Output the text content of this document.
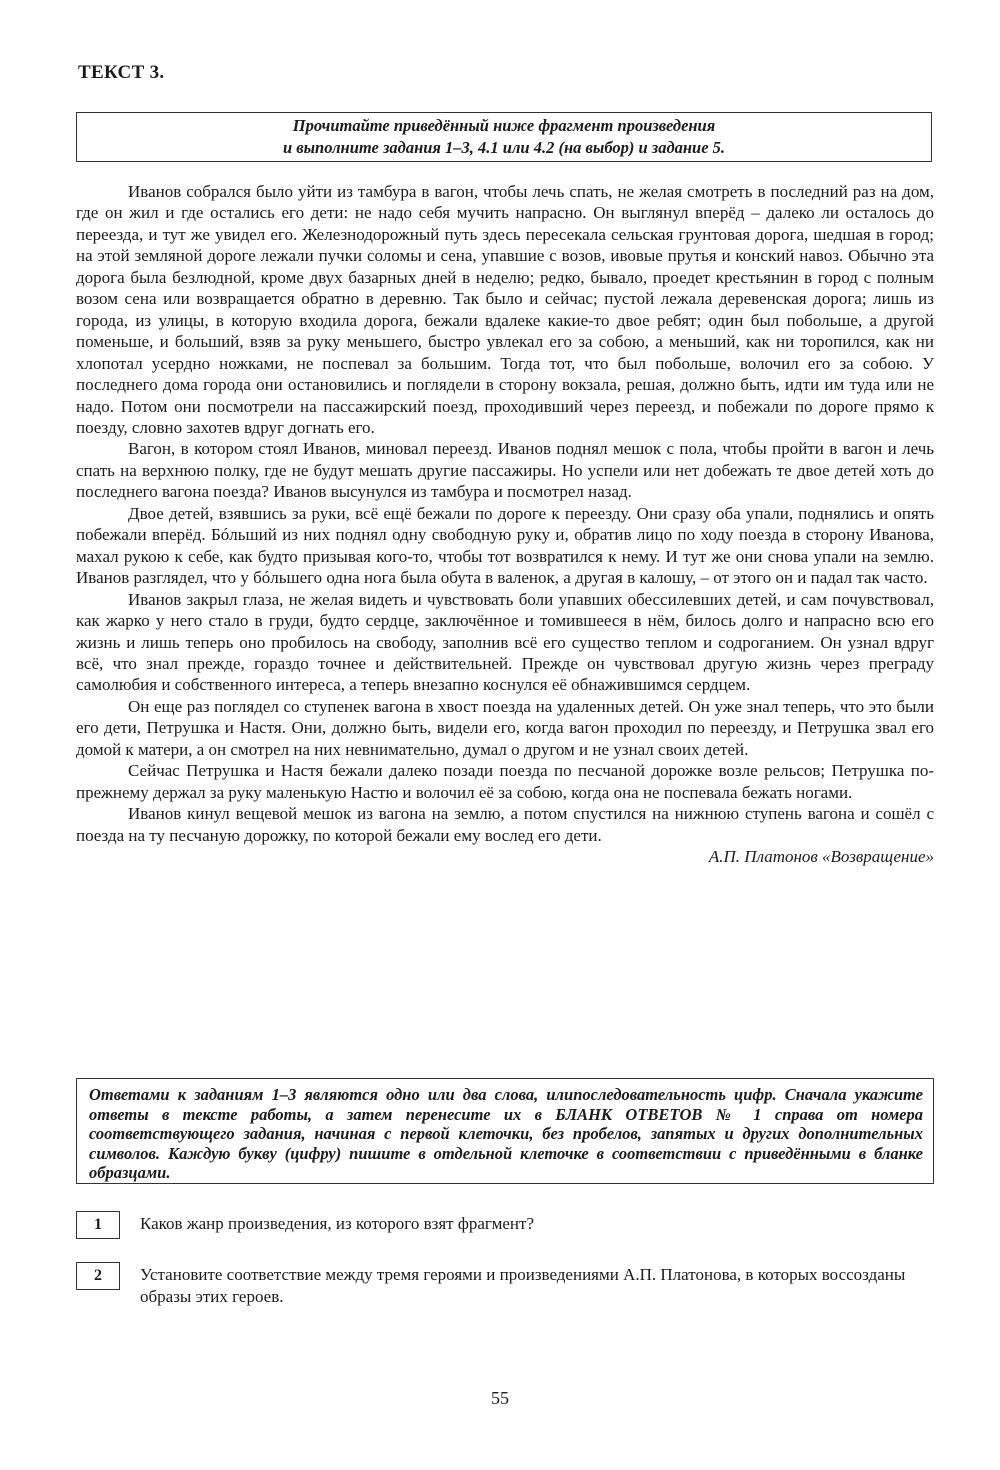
ТЕКСТ 3.
Прочитайте приведённый ниже фрагмент произведения
и выполните задания 1–3, 4.1 или 4.2 (на выбор) и задание 5.

Иванов собрался было уйти из тамбура в вагон, чтобы лечь спать, не желая смотреть в последний раз на дом, где он жил и где остались его дети: не надо себя мучить напрасно. Он выглянул вперёд – далеко ли осталось до переезда, и тут же увидел его. Железнодорожный путь здесь пересекала сельская грунтовая дорога, шедшая в город; на этой земляной дороге лежали пучки соломы и сена, упавшие с возов, ивовые прутья и конский навоз. Обычно эта дорога была безлюдной, кроме двух базарных дней в неделю; редко, бывало, проедет крестьянин в город с полным возом сена или возвращается обратно в деревню. Так было и сейчас; пустой лежала деревенская дорога; лишь из города, из улицы, в которую входила дорога, бежали вдалеке какие-то двое ребят; один был побольше, а другой поменьше, и больший, взяв за руку меньшего, быстро увлекал его за собою, а меньший, как ни торопился, как ни хлопотал усердно ножками, не поспевал за большим. Тогда тот, что был побольше, волочил его за собою. У последнего дома города они остановились и поглядели в сторону вокзала, решая, должно быть, идти им туда или не надо. Потом они посмотрели на пассажирский поезд, проходивший через переезд, и побежали по дороге прямо к поезду, словно захотев вдруг догнать его.

Вагон, в котором стоял Иванов, миновал переезд. Иванов поднял мешок с пола, чтобы пройти в вагон и лечь спать на верхнюю полку, где не будут мешать другие пассажиры. Но успели или нет добежать те двое детей хоть до последнего вагона поезда? Иванов высунулся из тамбура и посмотрел назад.

Двое детей, взявшись за руки, всё ещё бежали по дороге к переезду. Они сразу оба упали, поднялись и опять побежали вперёд. Бóльший из них поднял одну свободную руку и, обратив лицо по ходу поезда в сторону Иванова, махал рукою к себе, как будто призывая кого-то, чтобы тот возвратился к нему. И тут же они снова упали на землю. Иванов разглядел, что у бóльшего одна нога была обута в валенок, а другая в калошу, – от этого он и падал так часто.

Иванов закрыл глаза, не желая видеть и чувствовать боли упавших обессилевших детей, и сам почувствовал, как жарко у него стало в груди, будто сердце, заключённое и томившееся в нём, билось долго и напрасно всю его жизнь и лишь теперь оно пробилось на свободу, заполнив всё его существо теплом и содроганием. Он узнал вдруг всё, что знал прежде, гораздо точнее и действительней. Прежде он чувствовал другую жизнь через преграду самолюбия и собственного интереса, а теперь внезапно коснулся её обнажившимся сердцем.

Он еще раз поглядел со ступенек вагона в хвост поезда на удаленных детей. Он уже знал теперь, что это были его дети, Петрушка и Настя. Они, должно быть, видели его, когда вагон проходил по переезду, и Петрушка звал его домой к матери, а он смотрел на них невнимательно, думал о другом и не узнал своих детей.

Сейчас Петрушка и Настя бежали далеко позади поезда по песчаной дорожке возле рельсов; Петрушка по-прежнему держал за руку маленькую Настю и волочил её за собою, когда она не поспевала бежать ногами.

Иванов кинул вещевой мешок из вагона на землю, а потом спустился на нижнюю ступень вагона и сошёл с поезда на ту песчаную дорожку, по которой бежали ему вослед его дети.

А.П. Платонов «Возвращение»

Ответами к заданиям 1–3 являются одно или два слова, илипоследовательность цифр. Сначала укажите ответы в тексте работы, а затем перенесите их в БЛАНК ОТВЕТОВ № 1 справа от номера соответствующего задания, начиная с первой клеточки, без пробелов, запятых и других дополнительных символов. Каждую букву (цифру) пишите в отдельной клеточке в соответствии с приведёнными в бланке образцами.
1	Каков жанр произведения, из которого взят фрагмент?
2	Установите соответствие между тремя героями и произведениями А.П. Платонова, в которых воссозданы образы этих героев.
55
